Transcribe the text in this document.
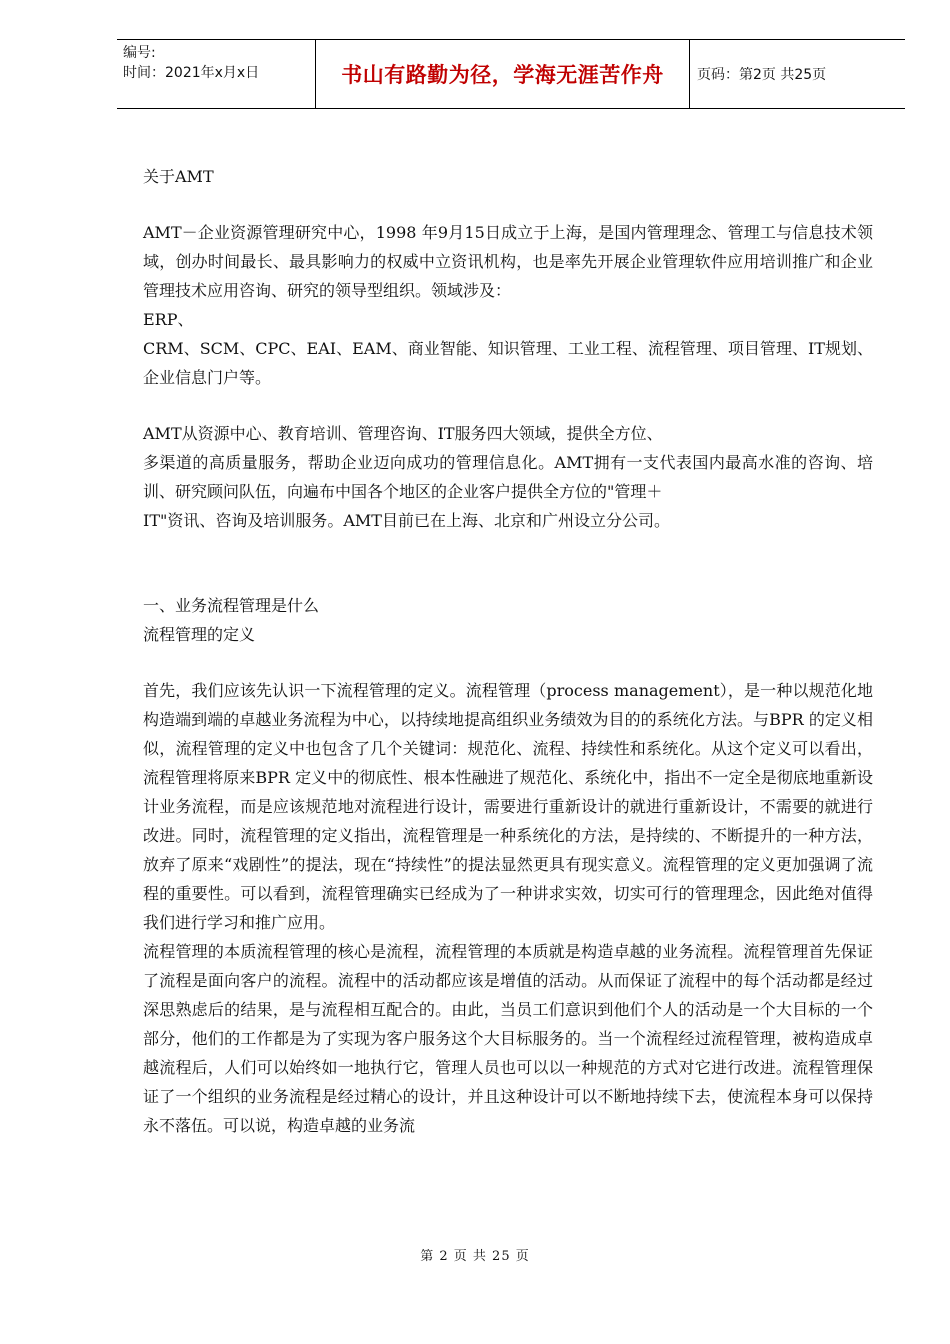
编号:
时间：2021年x月x日	书山有路勤为径，学海无涯苦作舟	页码：第2页 共25页

关于AMT

AMT－企业资源管理研究中心，1998 年9月15日成立于上海，是国内管理理念、管理工与信息技术领域，创办时间最长、最具影响力的权威中立资讯机构，也是率先开展企业管理软件应用培训推广和企业管理技术应用咨询、研究的领导型组织。领域涉及：

ERP、

CRM、SCM、CPC、EAI、EAM、商业智能、知识管理、工业工程、流程管理、项目管理、IT规划、企业信息门户等。

AMT从资源中心、教育培训、管理咨询、IT服务四大领域，提供全方位、

多渠道的高质量服务，帮助企业迈向成功的管理信息化。AMT拥有一支代表国内最高水准的咨询、培训、研究顾问队伍，向遍布中国各个地区的企业客户提供全方位的"管理＋

IT"资讯、咨询及培训服务。AMT目前已在上海、北京和广州设立分公司。

一、业务流程管理是什么

流程管理的定义

首先，我们应该先认识一下流程管理的定义。流程管理（process management），是一种以规范化地构造端到端的卓越业务流程为中心，以持续地提高组织业务绩效为目的的系统化方法。与BPR 的定义相似，流程管理的定义中也包含了几个关键词：规范化、流程、持续性和系统化。从这个定义可以看出，流程管理将原来BPR 定义中的彻底性、根本性融进了规范化、系统化中，指出不一定全是彻底地重新设计业务流程，而是应该规范地对流程进行设计，需要进行重新设计的就进行重新设计，不需要的就进行改进。同时，流程管理的定义指出，流程管理是一种系统化的方法，是持续的、不断提升的一种方法，放弃了原来“戏剧性”的提法，现在“持续性”的提法显然更具有现实意义。流程管理的定义更加强调了流程的重要性。可以看到，流程管理确实已经成为了一种讲求实效，切实可行的管理理念，因此绝对值得我们进行学习和推广应用。

流程管理的本质流程管理的核心是流程，流程管理的本质就是构造卓越的业务流程。流程管理首先保证了流程是面向客户的流程。流程中的活动都应该是增值的活动。从而保证了流程中的每个活动都是经过深思熟虑后的结果，是与流程相互配合的。由此，当员工们意识到他们个人的活动是一个大目标的一个部分，他们的工作都是为了实现为客户服务这个大目标服务的。当一个流程经过流程管理，被构造成卓越流程后，人们可以始终如一地执行它，管理人员也可以以一种规范的方式对它进行改进。流程管理保证了一个组织的业务流程是经过精心的设计，并且这种设计可以不断地持续下去，使流程本身可以保持永不落伍。可以说，构造卓越的业务流

第 2 页 共 25 页
